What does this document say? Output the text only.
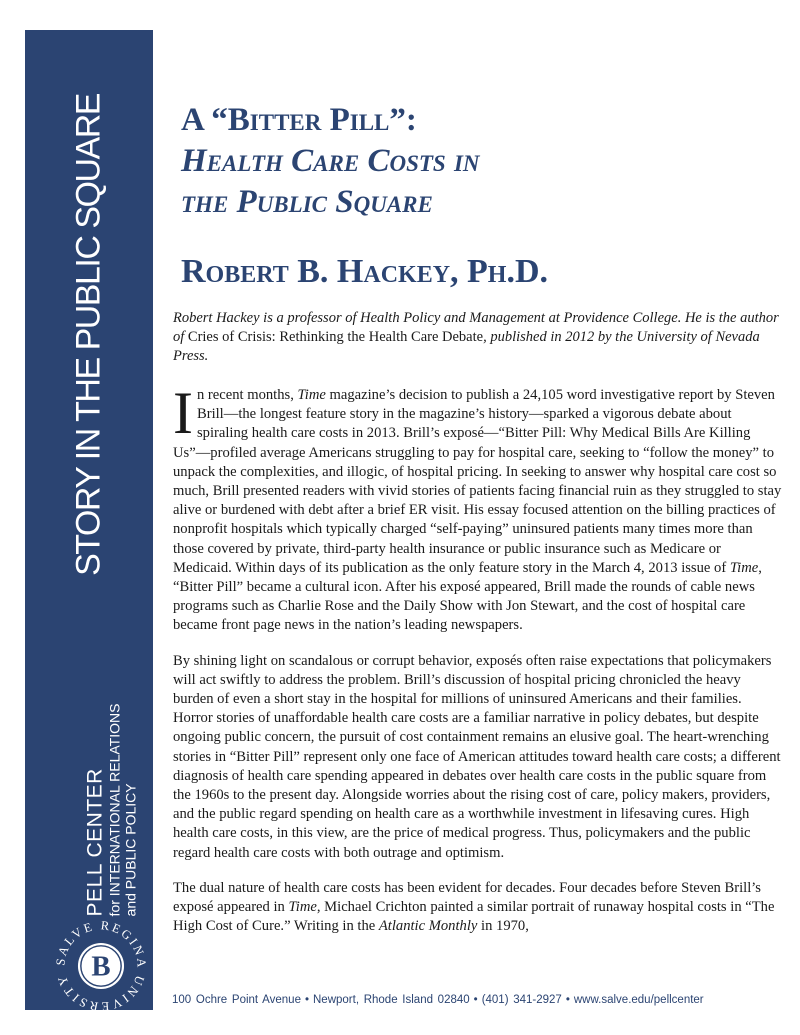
STORY IN THE PUBLIC SQUARE
PELL CENTER for INTERNATIONAL RELATIONS and PUBLIC POLICY
SALVE REGINA UNIVERSITY B
A “Bitter Pill”:
Health Care Costs in
the Public Square
Robert B. Hackey, Ph.D.

Robert Hackey is a professor of Health Policy and Management at Providence College. He is the author of Cries of Crisis: Rethinking the Health Care Debate, published in 2012 by the University of Nevada Press.

In recent months, Time magazine’s decision to publish a 24,105 word investigative report by Steven Brill—the longest feature story in the magazine’s history—sparked a vigorous debate about spiraling health care costs in 2013. Brill’s exposé—“Bitter Pill: Why Medical Bills Are Killing Us”—profiled average Americans struggling to pay for hospital care, seeking to “follow the money” to unpack the complexities, and illogic, of hospital pricing. In seeking to answer why hospital care cost so much, Brill presented readers with vivid stories of patients facing financial ruin as they struggled to stay alive or burdened with debt after a brief ER visit. His essay focused attention on the billing practices of nonprofit hospitals which typically charged “self-paying” uninsured patients many times more than those covered by private, third-party health insurance or public insurance such as Medicare or Medicaid. Within days of its publication as the only feature story in the March 4, 2013 issue of Time, “Bitter Pill” became a cultural icon. After his exposé appeared, Brill made the rounds of cable news programs such as Charlie Rose and the Daily Show with Jon Stewart, and the cost of hospital care became front page news in the nation’s leading newspapers.

By shining light on scandalous or corrupt behavior, exposés often raise expectations that policymakers will act swiftly to address the problem. Brill’s discussion of hospital pricing chronicled the heavy burden of even a short stay in the hospital for millions of uninsured Americans and their families. Horror stories of unaffordable health care costs are a familiar narrative in policy debates, but despite ongoing public concern, the pursuit of cost containment remains an elusive goal. The heart-wrenching stories in “Bitter Pill” represent only one face of American attitudes toward health care costs; a different diagnosis of health care spending appeared in debates over health care costs in the public square from the 1960s to the present day. Alongside worries about the rising cost of care, policy makers, providers, and the public regard spending on health care as a worthwhile investment in lifesaving cures. High health care costs, in this view, are the price of medical progress. Thus, policymakers and the public regard health care costs with both outrage and optimism.

The dual nature of health care costs has been evident for decades. Four decades before Steven Brill’s exposé appeared in Time, Michael Crichton painted a similar portrait of runaway hospital costs in “The High Cost of Cure.” Writing in the Atlantic Monthly in 1970,

100 Ochre Point Avenue • Newport, Rhode Island 02840 • (401) 341-2927 • www.salve.edu/pellcenter
